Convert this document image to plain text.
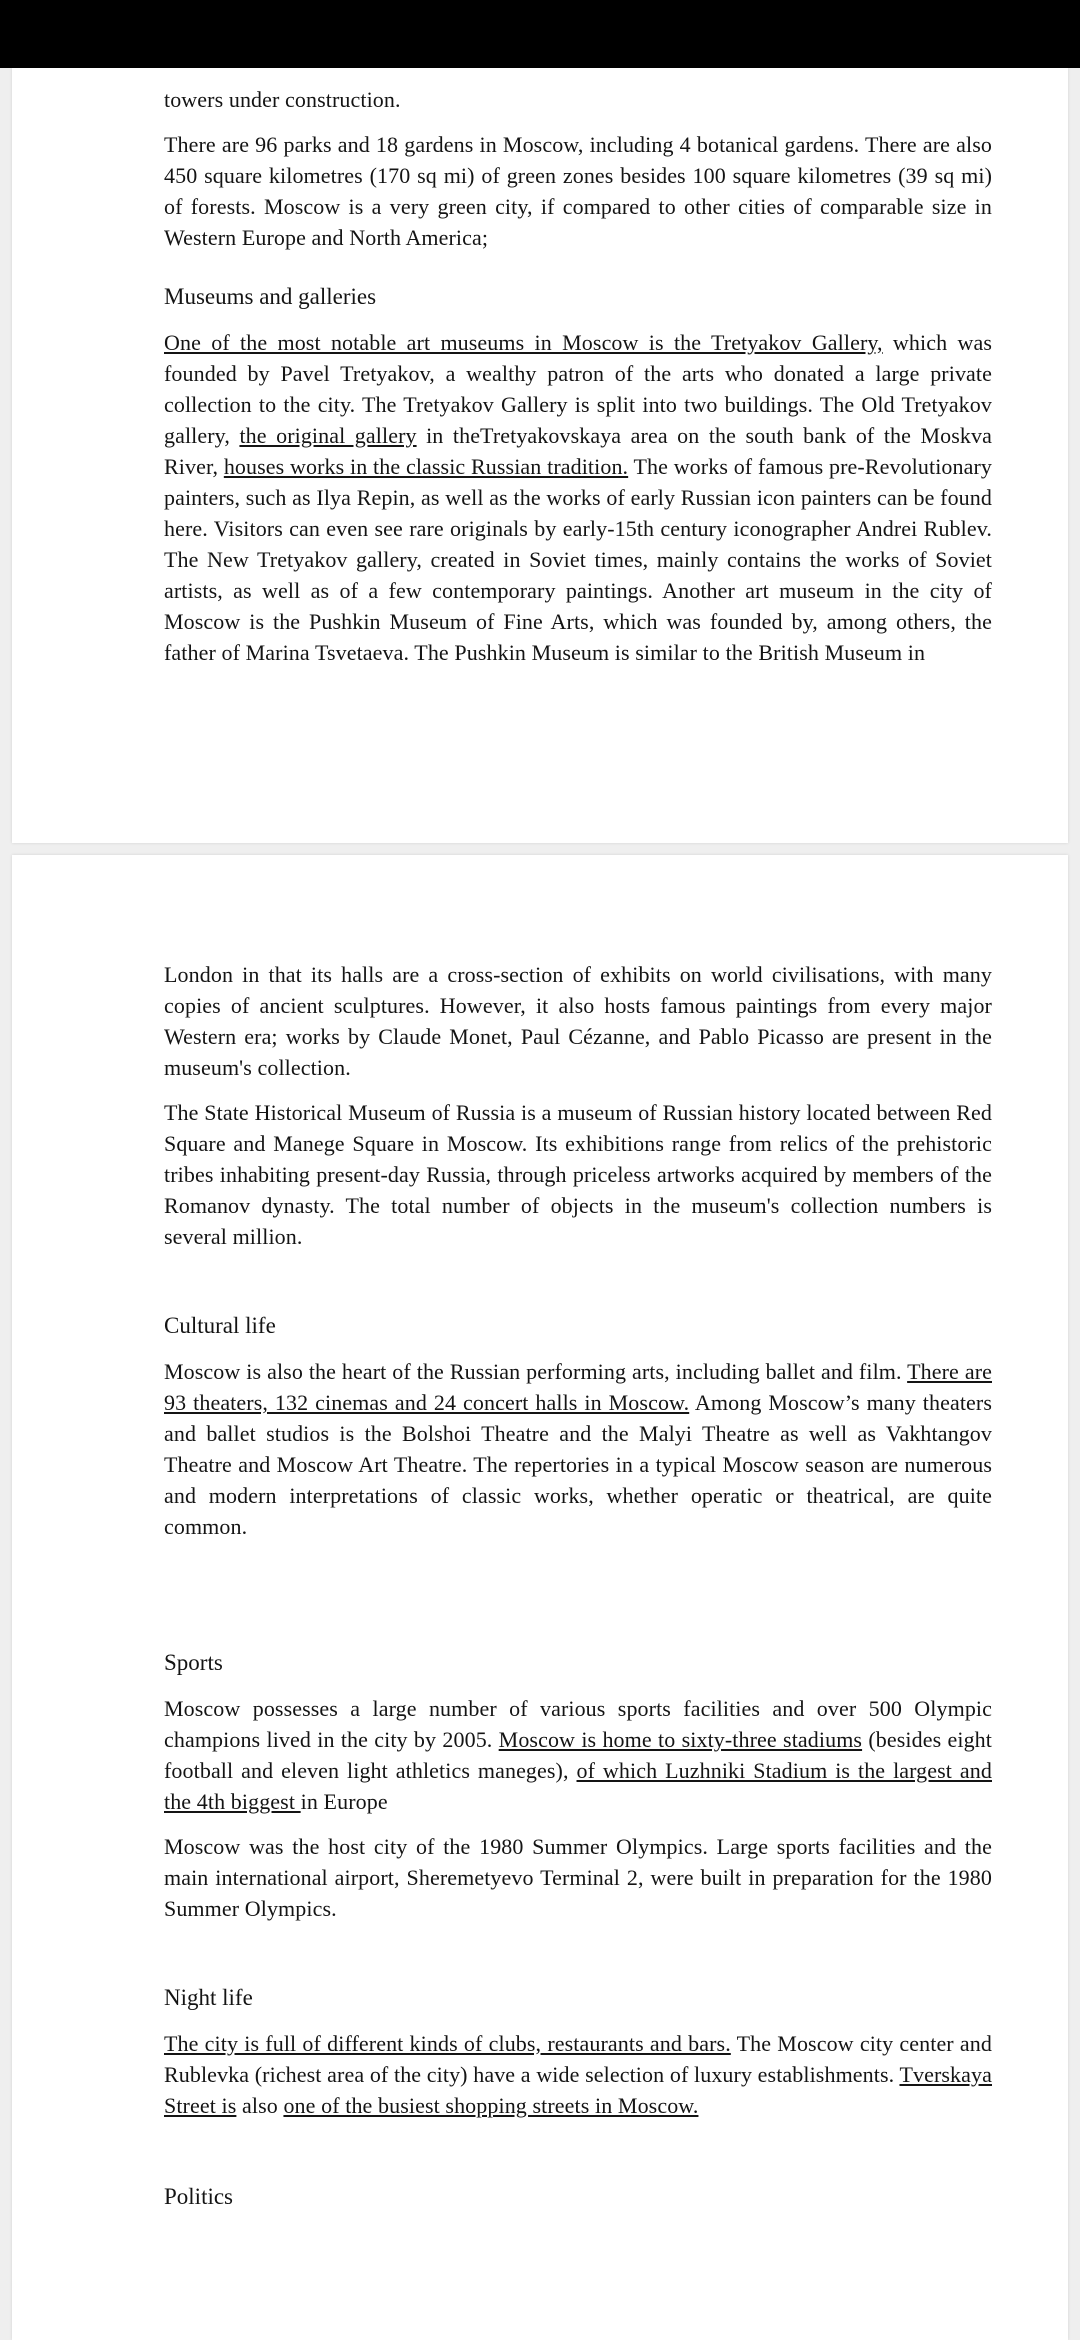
towers under construction.

There are 96 parks and 18 gardens in Moscow, including 4 botanical gardens. There are also 450 square kilometres (170 sq mi) of green zones besides 100 square kilometres (39 sq mi) of forests. Moscow is a very green city, if compared to other cities of comparable size in Western Europe and North America;

Museums and galleries

One of the most notable art museums in Moscow is the Tretyakov Gallery, which was founded by Pavel Tretyakov, a wealthy patron of the arts who donated a large private collection to the city. The Tretyakov Gallery is split into two buildings. The Old Tretyakov gallery, the original gallery in theTretyakovskaya area on the south bank of the Moskva River, houses works in the classic Russian tradition. The works of famous pre-Revolutionary painters, such as Ilya Repin, as well as the works of early Russian icon painters can be found here. Visitors can even see rare originals by early-15th century iconographer Andrei Rublev. The New Tretyakov gallery, created in Soviet times, mainly contains the works of Soviet artists, as well as of a few contemporary paintings. Another art museum in the city of Moscow is the Pushkin Museum of Fine Arts, which was founded by, among others, the father of Marina Tsvetaeva. The Pushkin Museum is similar to the British Museum in

London in that its halls are a cross-section of exhibits on world civilisations, with many copies of ancient sculptures. However, it also hosts famous paintings from every major Western era; works by Claude Monet, Paul Cézanne, and Pablo Picasso are present in the museum's collection.

The State Historical Museum of Russia is a museum of Russian history located between Red Square and Manege Square in Moscow. Its exhibitions range from relics of the prehistoric tribes inhabiting present-day Russia, through priceless artworks acquired by members of the Romanov dynasty. The total number of objects in the museum's collection numbers is several million.

Cultural life

Moscow is also the heart of the Russian performing arts, including ballet and film. There are 93 theaters, 132 cinemas and 24 concert halls in Moscow. Among Moscow’s many theaters and ballet studios is the Bolshoi Theatre and the Malyi Theatre as well as Vakhtangov Theatre and Moscow Art Theatre. The repertories in a typical Moscow season are numerous and modern interpretations of classic works, whether operatic or theatrical, are quite common.

Sports

Moscow possesses a large number of various sports facilities and over 500 Olympic champions lived in the city by 2005. Moscow is home to sixty-three stadiums (besides eight football and eleven light athletics maneges), of which Luzhniki Stadium is the largest and the 4th biggest in Europe

Moscow was the host city of the 1980 Summer Olympics. Large sports facilities and the main international airport, Sheremetyevo Terminal 2, were built in preparation for the 1980 Summer Olympics.

Night life

The city is full of different kinds of clubs, restaurants and bars. The Moscow city center and Rublevka (richest area of the city) have a wide selection of luxury establishments. Tverskaya Street is also one of the busiest shopping streets in Moscow.

Politics
